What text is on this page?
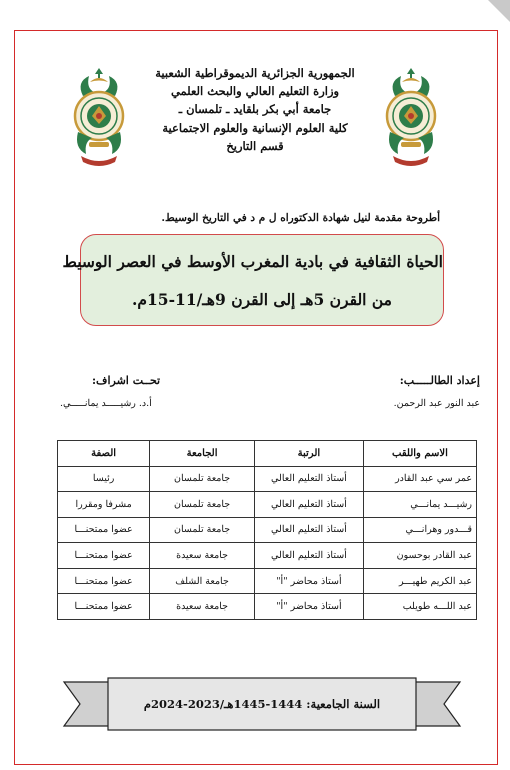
الجمهورية الجزائرية الديموقراطية الشعبية
وزارة التعليم العالي والبحث العلمي
جامعة أبي بكر بلقايد ـ تلمسان ـ
كلية العلوم الإنسانية والعلوم الاجتماعية
قسم التاريخ
أطروحة مقدمة لنيل شهادة الدكتوراه ل م د في التاريخ الوسيط.
الحياة الثقافية في بادية المغرب الأوسط في العصر الوسيط
من القرن 5هـ إلى القرن 9هـ/11-15م.
إعداد الطالـــــب:
عبد النور عبد الرحمن.
تحــت اشراف:
أ.د. رشيـــــد يمانـــــي.
الاسم واللقب	الرتبة	الجامعة	الصفة
عمر سي عبد القادر	أستاذ التعليم العالي	جامعة تلمسان	رئيسا
رشيـــد يمانـــي	أستاذ التعليم العالي	جامعة تلمسان	مشرفا ومقررا
قـــدور وهرانـــي	أستاذ التعليم العالي	جامعة تلمسان	عضوا ممتحنـــا
عبد القادر بوحسون	أستاذ التعليم العالي	جامعة سعيدة	عضوا ممتحنـــا
عبد الكريم طهيـــر	أستاذ محاضر "أ"	جامعة الشلف	عضوا ممتحنـــا
عبد اللـــه طويلب	أستاذ محاضر "أ"	جامعة سعيدة	عضوا ممتحنـــا
السنة الجامعية: 1444-1445هـ/2023-2024م
